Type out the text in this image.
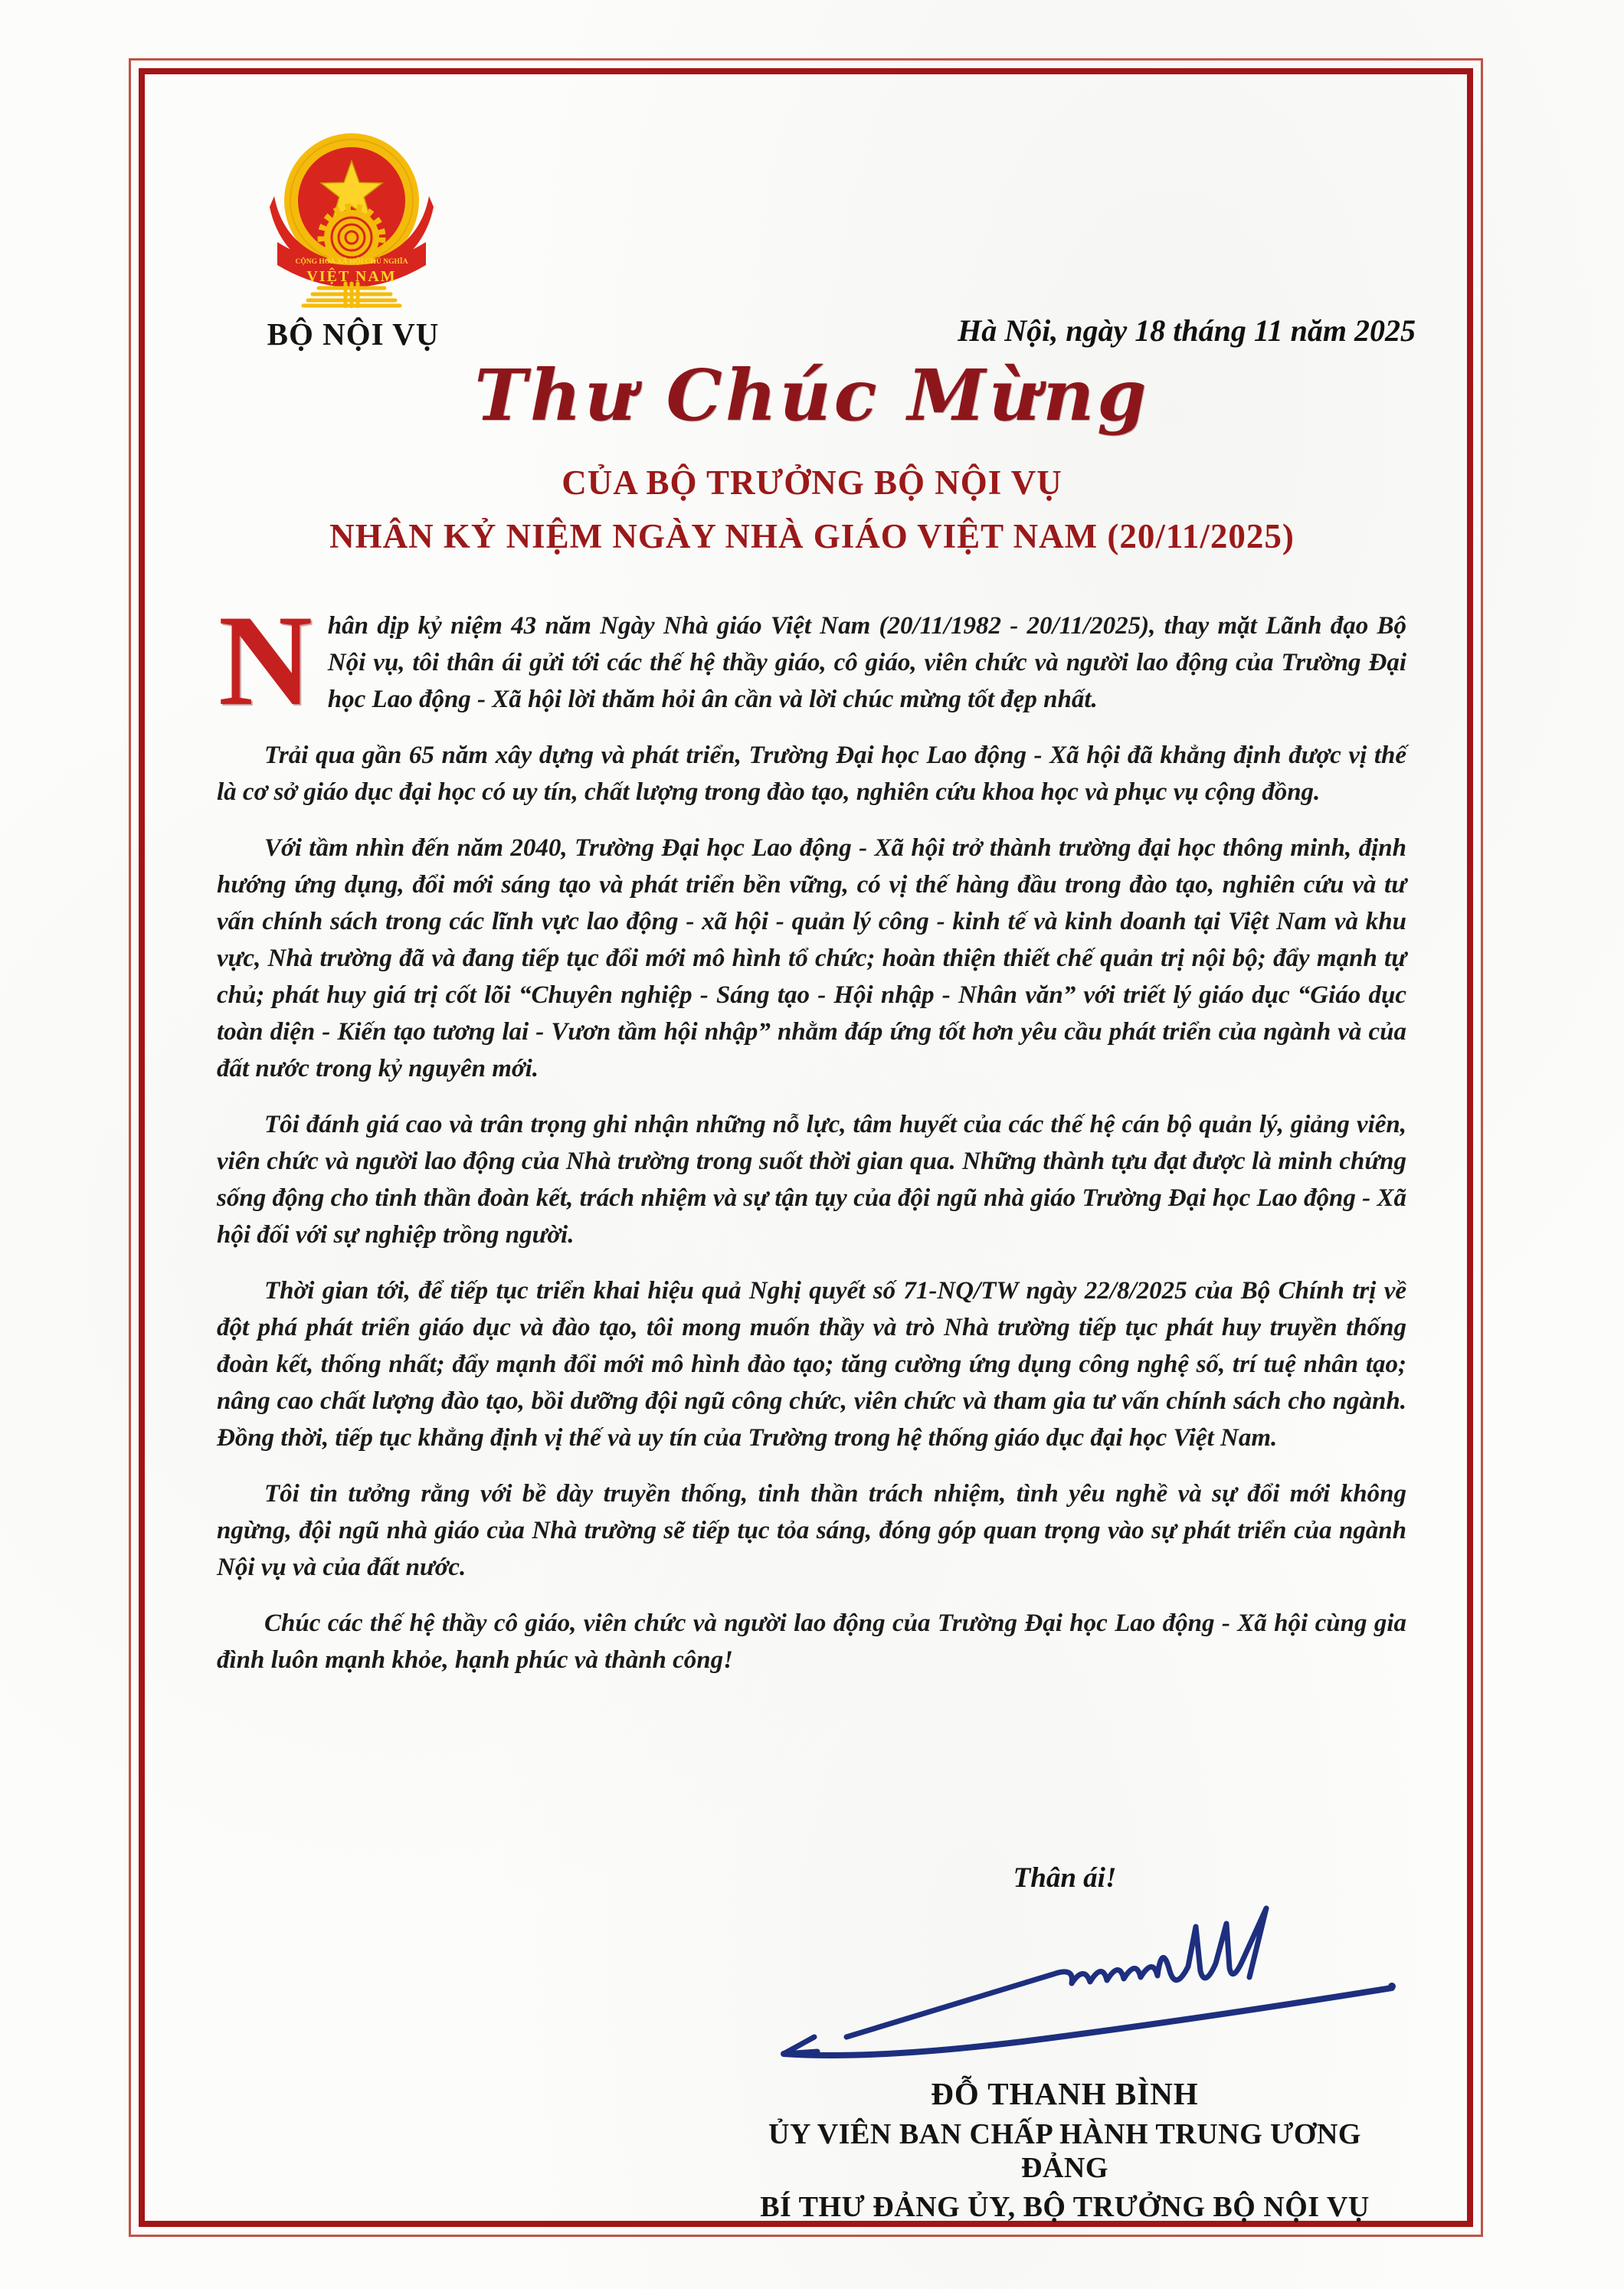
CỘNG HÒA XÃ HỘI CHỦ NGHĨA
VIỆT NAM
BỘ NỘI VỤ	Hà Nội, ngày 18 tháng 11 năm 2025
Thư Chúc Mừng
CỦA BỘ TRƯỞNG BỘ NỘI VỤ
NHÂN KỶ NIỆM NGÀY NHÀ GIÁO VIỆT NAM (20/11/2025)

Nhân dịp kỷ niệm 43 năm Ngày Nhà giáo Việt Nam (20/11/1982 - 20/11/2025), thay mặt Lãnh đạo Bộ Nội vụ, tôi thân ái gửi tới các thế hệ thầy giáo, cô giáo, viên chức và người lao động của Trường Đại học Lao động - Xã hội lời thăm hỏi ân cần và lời chúc mừng tốt đẹp nhất.

Trải qua gần 65 năm xây dựng và phát triển, Trường Đại học Lao động - Xã hội đã khẳng định được vị thế là cơ sở giáo dục đại học có uy tín, chất lượng trong đào tạo, nghiên cứu khoa học và phục vụ cộng đồng.

Với tầm nhìn đến năm 2040, Trường Đại học Lao động - Xã hội trở thành trường đại học thông minh, định hướng ứng dụng, đổi mới sáng tạo và phát triển bền vững, có vị thế hàng đầu trong đào tạo, nghiên cứu và tư vấn chính sách trong các lĩnh vực lao động - xã hội - quản lý công - kinh tế và kinh doanh tại Việt Nam và khu vực, Nhà trường đã và đang tiếp tục đổi mới mô hình tổ chức; hoàn thiện thiết chế quản trị nội bộ; đẩy mạnh tự chủ; phát huy giá trị cốt lõi “Chuyên nghiệp - Sáng tạo - Hội nhập - Nhân văn” với triết lý giáo dục “Giáo dục toàn diện - Kiến tạo tương lai - Vươn tầm hội nhập” nhằm đáp ứng tốt hơn yêu cầu phát triển của ngành và của đất nước trong kỷ nguyên mới.

Tôi đánh giá cao và trân trọng ghi nhận những nỗ lực, tâm huyết của các thế hệ cán bộ quản lý, giảng viên, viên chức và người lao động của Nhà trường trong suốt thời gian qua. Những thành tựu đạt được là minh chứng sống động cho tinh thần đoàn kết, trách nhiệm và sự tận tụy của đội ngũ nhà giáo Trường Đại học Lao động - Xã hội đối với sự nghiệp trồng người.

Thời gian tới, để tiếp tục triển khai hiệu quả Nghị quyết số 71-NQ/TW ngày 22/8/2025 của Bộ Chính trị về đột phá phát triển giáo dục và đào tạo, tôi mong muốn thầy và trò Nhà trường tiếp tục phát huy truyền thống đoàn kết, thống nhất; đẩy mạnh đổi mới mô hình đào tạo; tăng cường ứng dụng công nghệ số, trí tuệ nhân tạo; nâng cao chất lượng đào tạo, bồi dưỡng đội ngũ công chức, viên chức và tham gia tư vấn chính sách cho ngành. Đồng thời, tiếp tục khẳng định vị thế và uy tín của Trường trong hệ thống giáo dục đại học Việt Nam.

Tôi tin tưởng rằng với bề dày truyền thống, tinh thần trách nhiệm, tình yêu nghề và sự đổi mới không ngừng, đội ngũ nhà giáo của Nhà trường sẽ tiếp tục tỏa sáng, đóng góp quan trọng vào sự phát triển của ngành Nội vụ và của đất nước.

Chúc các thế hệ thầy cô giáo, viên chức và người lao động của Trường Đại học Lao động - Xã hội cùng gia đình luôn mạnh khỏe, hạnh phúc và thành công!

Thân ái!
ĐỖ THANH BÌNH
ỦY VIÊN BAN CHẤP HÀNH TRUNG ƯƠNG ĐẢNG
BÍ THƯ ĐẢNG ỦY, BỘ TRƯỞNG BỘ NỘI VỤ
